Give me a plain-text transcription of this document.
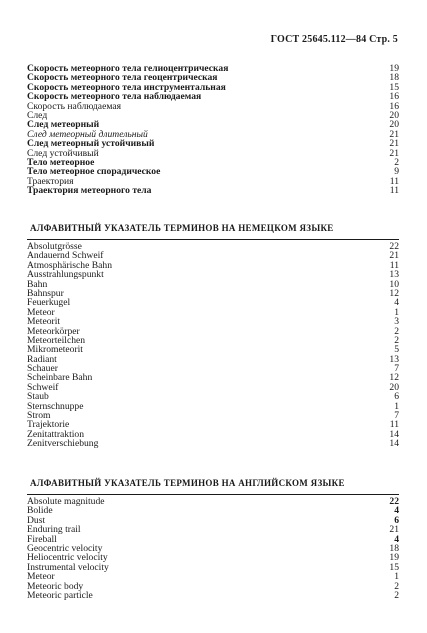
ГОСТ 25645.112—84 Стр. 5
Скорость метеорного тела гелиоцентрическая	19
Скорость метеорного тела геоцентрическая	18
Скорость метеорного тела инструментальная	15
Скорость метеорного тела наблюдаемая	16
Скорость наблюдаемая	16
След	20
След метеорный	20
След метеорный длительный	21
След метеорный устойчивый	21
След устойчивый	21
Тело метеорное	2
Тело метеорное спорадическое	9
Траектория	11
Траектория метеорного тела	11
АЛФАВИТНЫЙ УКАЗАТЕЛЬ ТЕРМИНОВ НА НЕМЕЦКОМ ЯЗЫКЕ
Absolutgrösse	22
Andauernd Schweif	21
Atmosphärische Bahn	11
Ausstrahlungspunkt	13
Bahn	10
Bahnspur	12
Feuerkugel	4
Meteor	1
Meteorit	3
Meteorkörper	2
Meteorteilchen	2
Mikrometeorit	5
Radiant	13
Schauer	7
Scheinbare Bahn	12
Schweif	20
Staub	6
Sternschnuppe	1
Strom	7
Trajektorie	11
Zenitattraktion	14
Zenitverschiebung	14
АЛФАВИТНЫЙ УКАЗАТЕЛЬ ТЕРМИНОВ НА АНГЛИЙСКОМ ЯЗЫКЕ
Absolute magnitude	22
Bolide	4
Dust	6
Enduring trail	21
Fireball	4
Geocentric velocity	18
Heliocentric velocity	19
Instrumental velocity	15
Meteor	1
Meteoric body	2
Meteoric particle	2
